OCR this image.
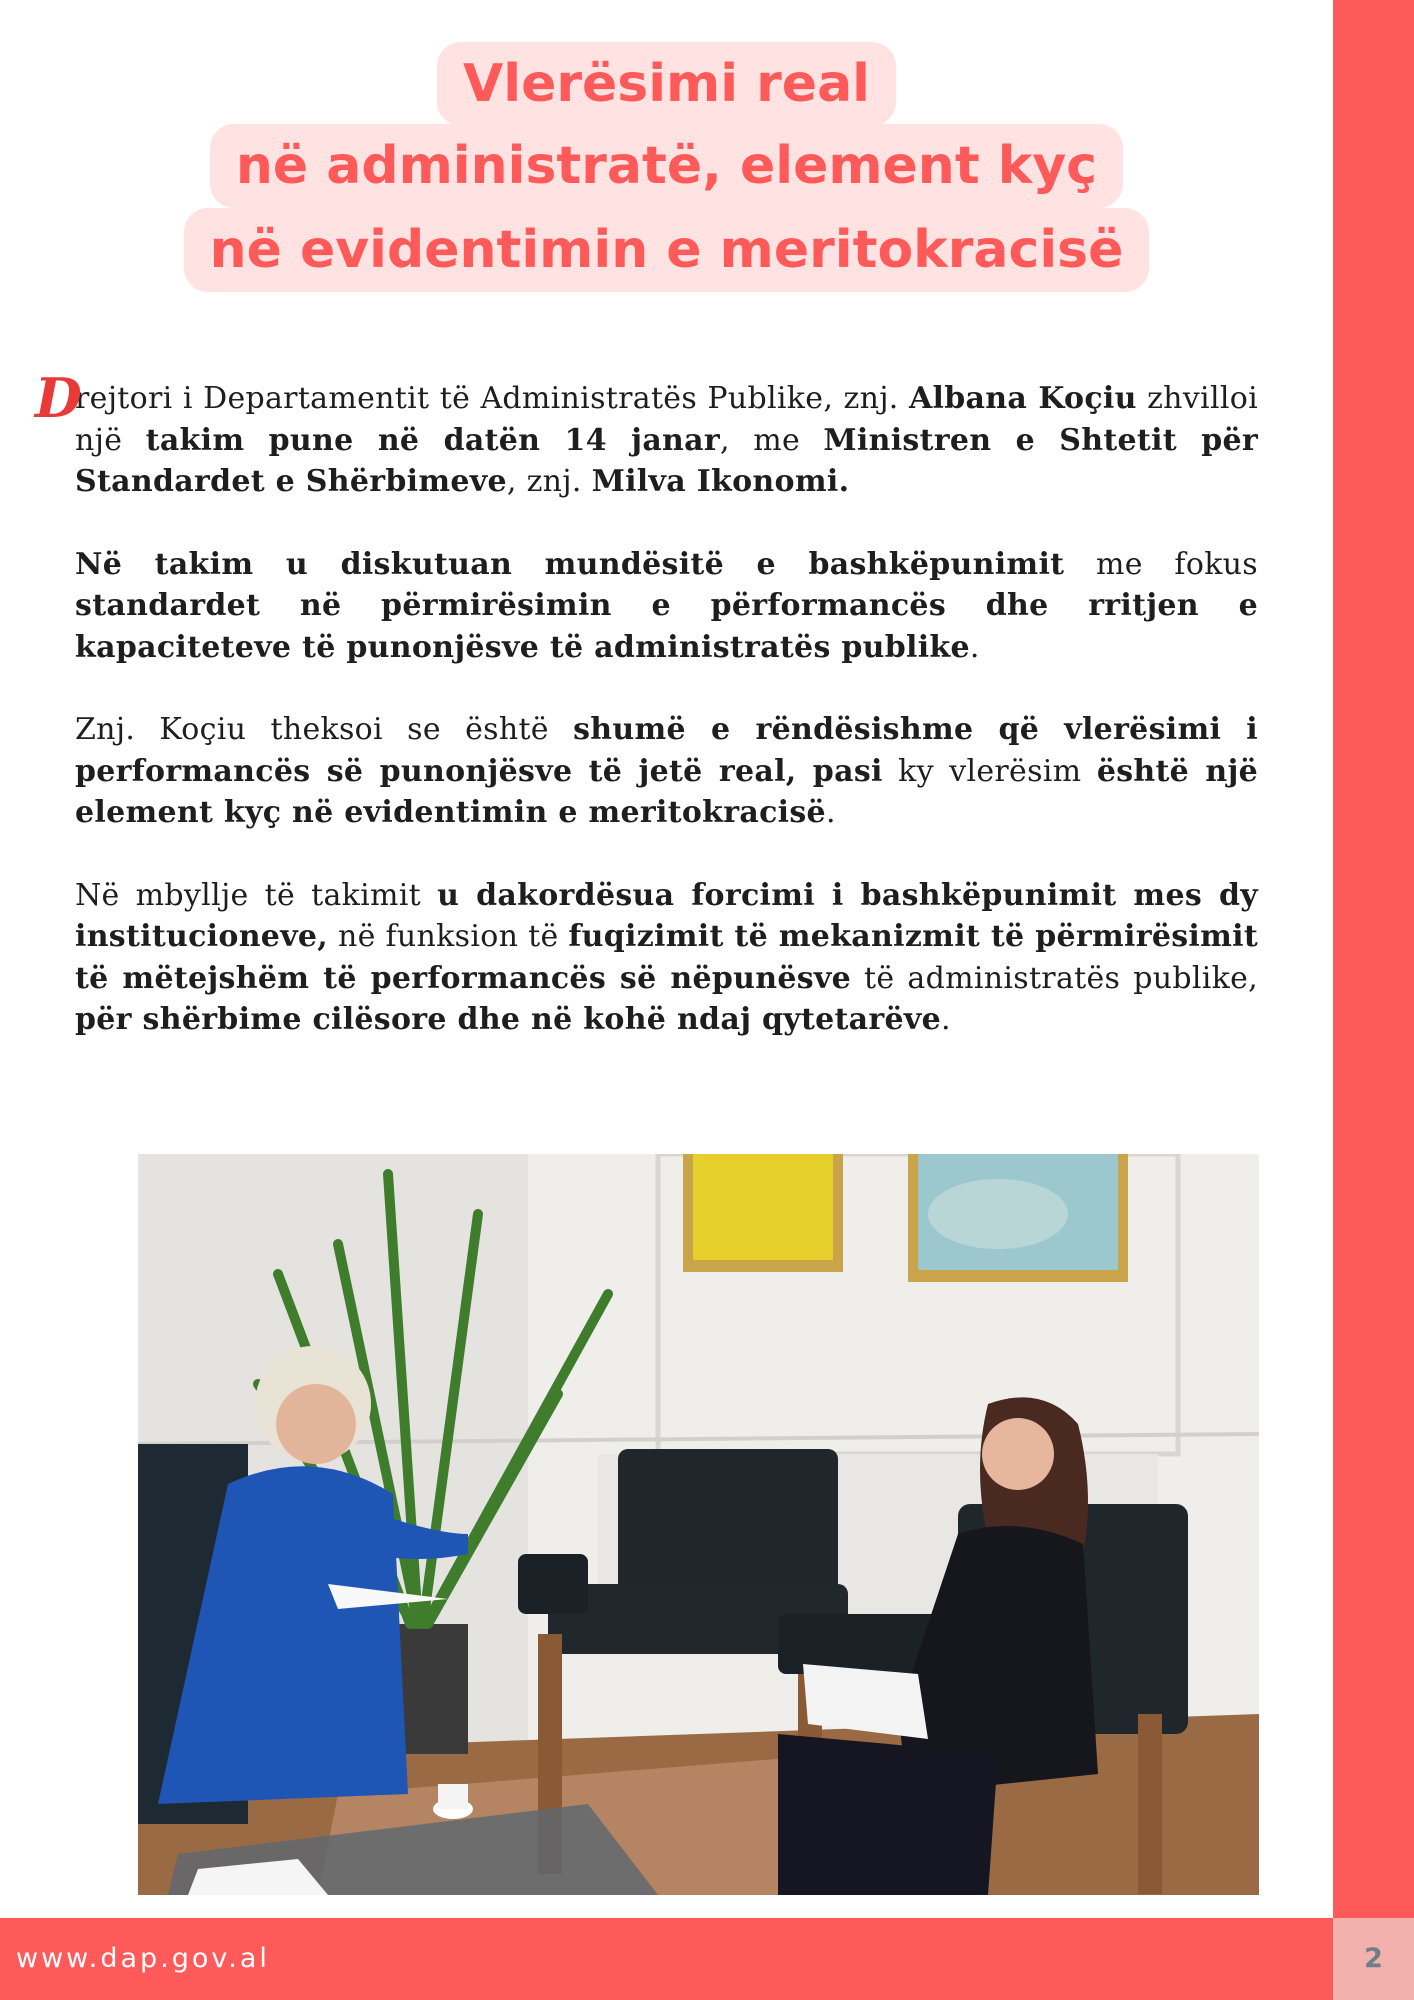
Vlerësimi real
në administratë, element kyç
në evidentimin e meritokracisë
D

rejtori i Departamentit të Administratës Publike, znj. Albana Koçiu zhvilloi një takim pune në datën 14 janar, me Ministren e Shtetit për Standardet e Shërbimeve, znj. Milva Ikonomi.

Në takim u diskutuan mundësitë e bashkëpunimit me fokus standardet në përmirësimin e përformancës dhe rritjen e kapaciteteve të punonjësve të administratës publike.

Znj. Koçiu theksoi se është shumë e rëndësishme që vlerësimi i performancës së punonjësve të jetë real, pasi ky vlerësim është një element kyç në evidentimin e meritokracisë.

Në mbyllje të takimit u dakordësua forcimi i bashkëpunimit mes dy institucioneve, në funksion të fuqizimit të mekanizmit të përmirësimit të mëtejshëm të performancës së nëpunësve të administratës publike, për shërbime cilësore dhe në kohë ndaj qytetarëve.

www.dap.gov.al	2
